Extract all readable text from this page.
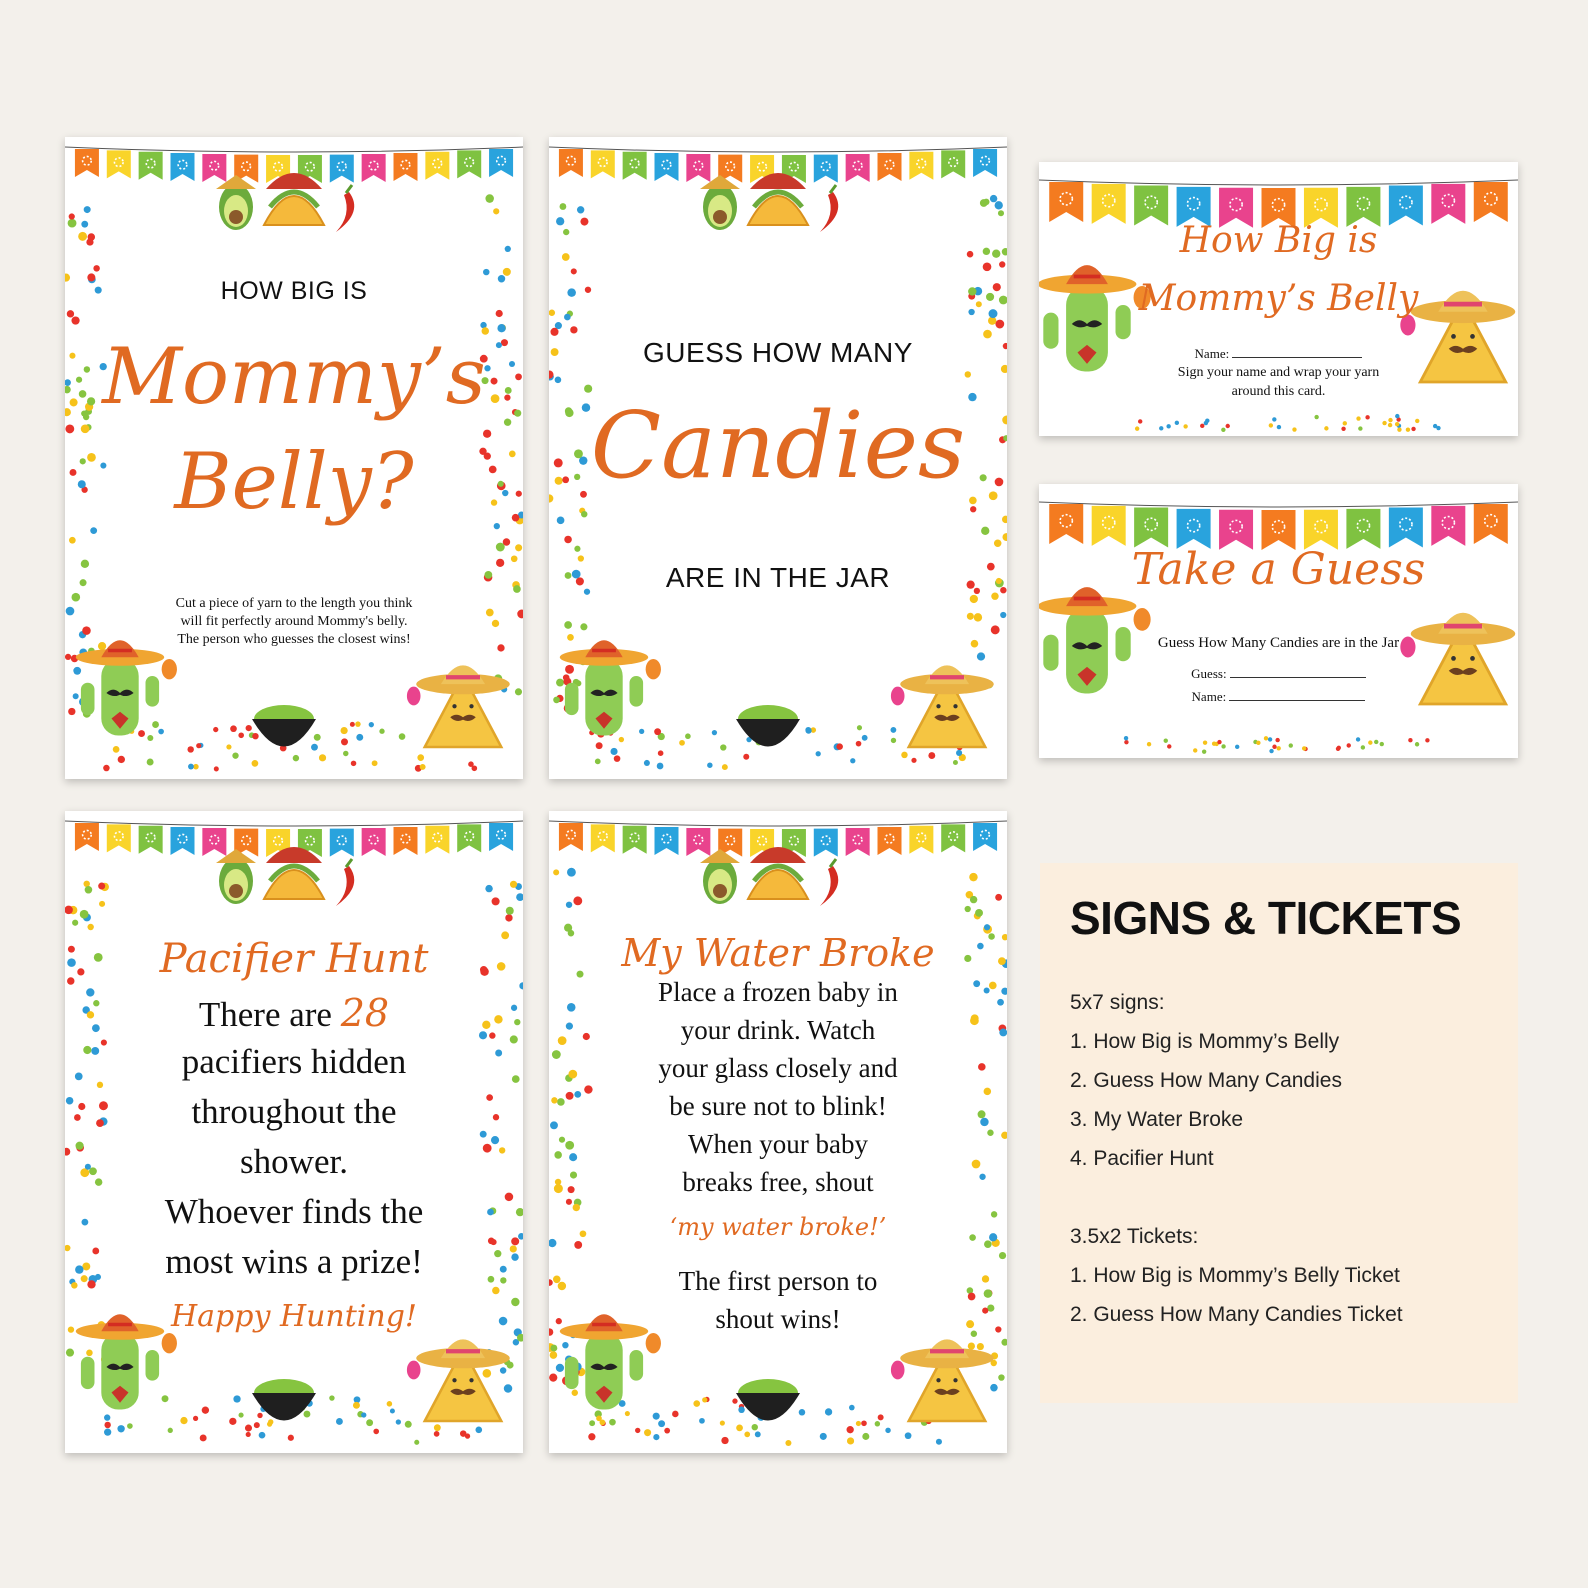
HOW BIG IS

Mommy’s

Belly?

Cut a piece of yarn to the length you think

will fit perfectly around Mommy's belly.

The person who guesses the closest wins!

GUESS HOW MANY

Candies

ARE IN THE JAR

Pacifier Hunt

There are 28

pacifiers hidden

throughout the

shower.

Whoever finds the

most wins a prize!

Happy Hunting!

My Water Broke

Place a frozen baby in

your drink. Watch

your glass closely and

be sure not to blink!

When your baby

breaks free, shout

‘my water broke!’

The first person to

shout wins!

How Big is

Mommy’s Belly

Name:

Sign your name and wrap your yarn

around this card.

Take a Guess

Guess How Many Candies are in the Jar

Guess:

Name:

SIGNS & TICKETS
5x7 signs:
1. How Big is Mommy’s Belly
2. Guess How Many Candies
3. My Water Broke
4. Pacifier Hunt
3.5x2 Tickets:
1. How Big is Mommy’s Belly Ticket
2. Guess How Many Candies Ticket
